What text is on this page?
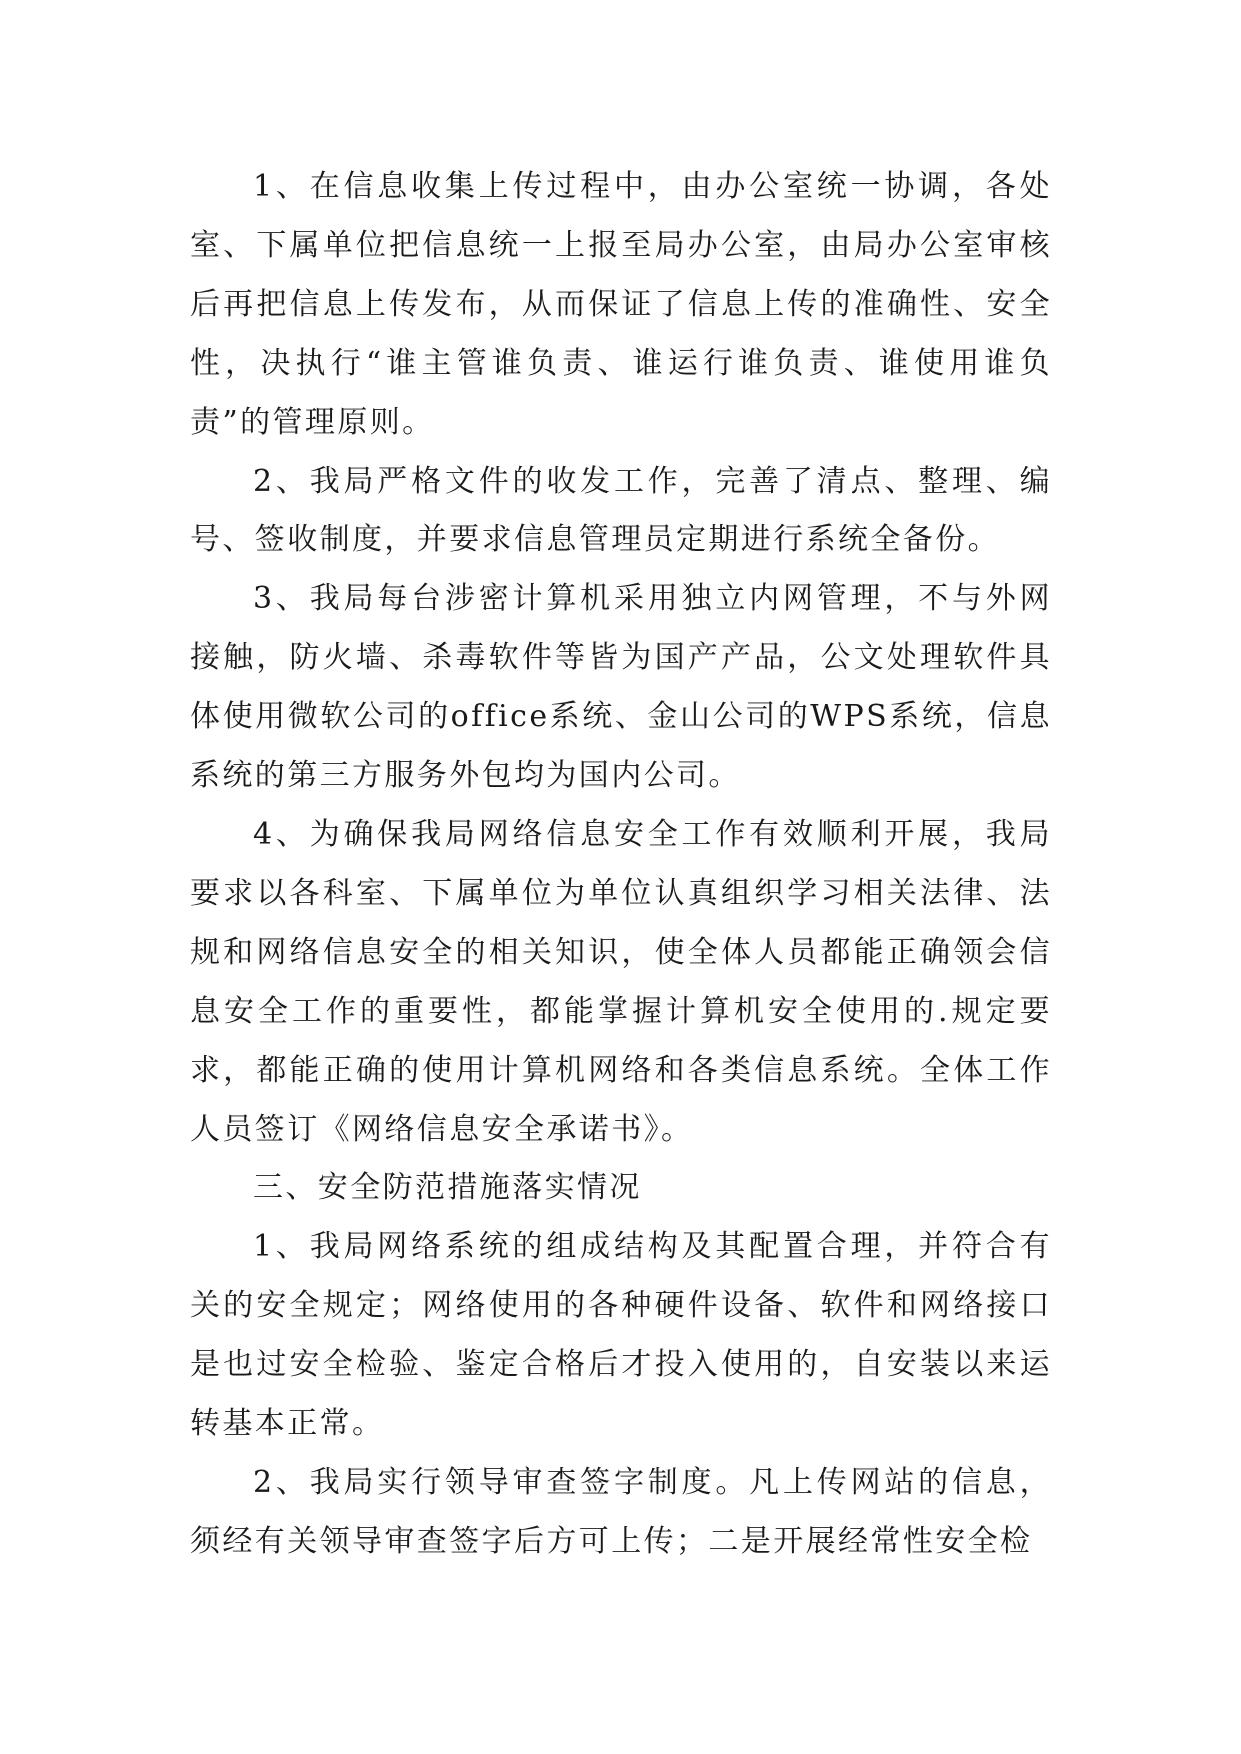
1、在信息收集上传过程中，由办公室统一协调，各处室、下属单位把信息统一上报至局办公室，由局办公室审核后再把信息上传发布，从而保证了信息上传的准确性、安全性，决执行“谁主管谁负责、谁运行谁负责、谁使用谁负责”的管理原则。

2、我局严格文件的收发工作，完善了清点、整理、编号、签收制度，并要求信息管理员定期进行系统全备份。

3、我局每台涉密计算机采用独立内网管理，不与外网接触，防火墙、杀毒软件等皆为国产产品，公文处理软件具体使用微软公司的office系统、金山公司的WPS系统，信息系统的第三方服务外包均为国内公司。

4、为确保我局网络信息安全工作有效顺利开展，我局要求以各科室、下属单位为单位认真组织学习相关法律、法规和网络信息安全的相关知识，使全体人员都能正确领会信息安全工作的重要性，都能掌握计算机安全使用的.规定要求，都能正确的使用计算机网络和各类信息系统。全体工作人员签订《网络信息安全承诺书》。

三、安全防范措施落实情况

1、我局网络系统的组成结构及其配置合理，并符合有关的安全规定；网络使用的各种硬件设备、软件和网络接口是也过安全检验、鉴定合格后才投入使用的，自安装以来运转基本正常。

2、我局实行领导审查签字制度。凡上传网站的信息，须经有关领导审查签字后方可上传；二是开展经常性安全检
